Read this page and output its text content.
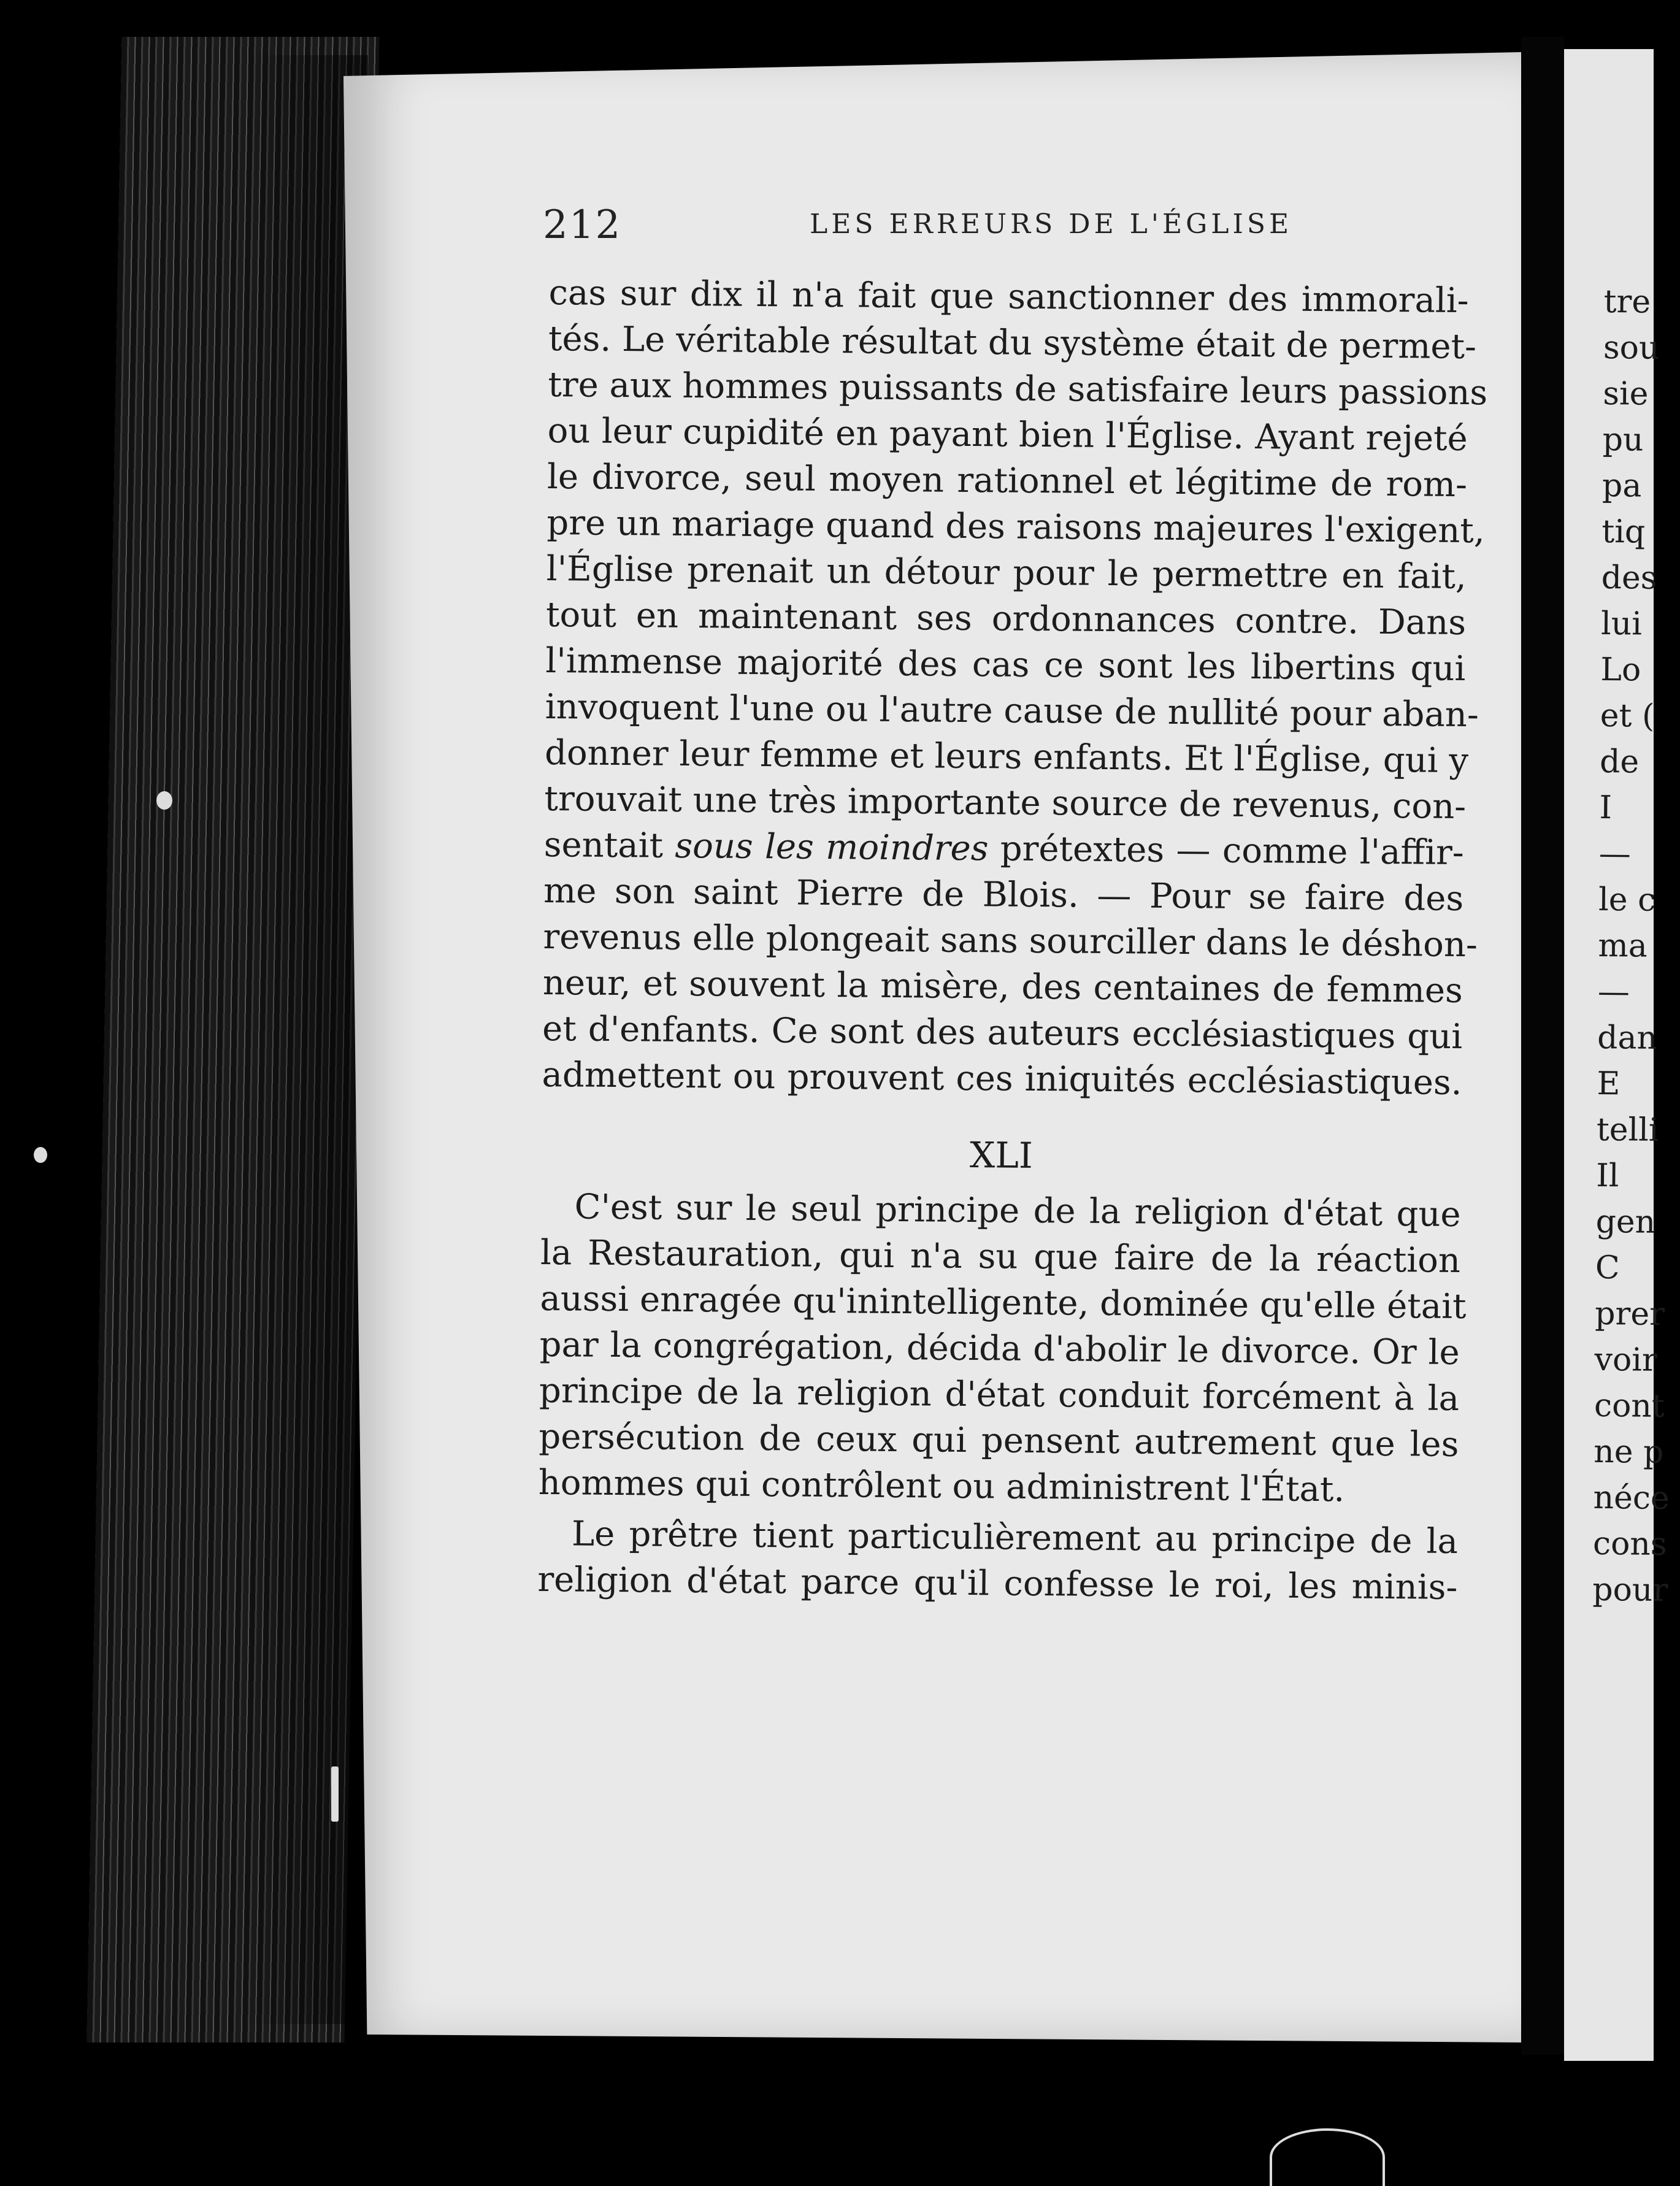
212	LES ERREURS DE L'ÉGLISE
cas sur dix il n'a fait que sanctionner des immorali-
tés. Le véritable résultat du système était de permet-
tre aux hommes puissants de satisfaire leurs passions
ou leur cupidité en payant bien l'Église. Ayant rejeté
le divorce, seul moyen rationnel et légitime de rom-
pre un mariage quand des raisons majeures l'exigent,
l'Église prenait un détour pour le permettre en fait,
tout en maintenant ses ordonnances contre. Dans
l'immense majorité des cas ce sont les libertins qui
invoquent l'une ou l'autre cause de nullité pour aban-
donner leur femme et leurs enfants. Et l'Église, qui y
trouvait une très importante source de revenus, con-
sentait sous les moindres prétextes — comme l'affir-
me son saint Pierre de Blois. — Pour se faire des
revenus elle plongeait sans sourciller dans le déshon-
neur, et souvent la misère, des centaines de femmes
et d'enfants. Ce sont des auteurs ecclésiastiques qui
admettent ou prouvent ces iniquités ecclésiastiques.
XLI
C'est sur le seul principe de la religion d'état que
la Restauration, qui n'a su que faire de la réaction
aussi enragée qu'inintelligente, dominée qu'elle était
par la congrégation, décida d'abolir le divorce. Or le
principe de la religion d'état conduit forcément à la
persécution de ceux qui pensent autrement que les
hommes qui contrôlent ou administrent l'État.
Le prêtre tient particulièrement au principe de la
religion d'état parce qu'il confesse le roi, les minis-
tre
sou
sie
pu
pa
tiq
des
lui
Lo
et (
de
I
—
le c
ma
—
dan
E
telli
Il
gen
C
prer
voir
cont
ne p
néce
cons
pour
